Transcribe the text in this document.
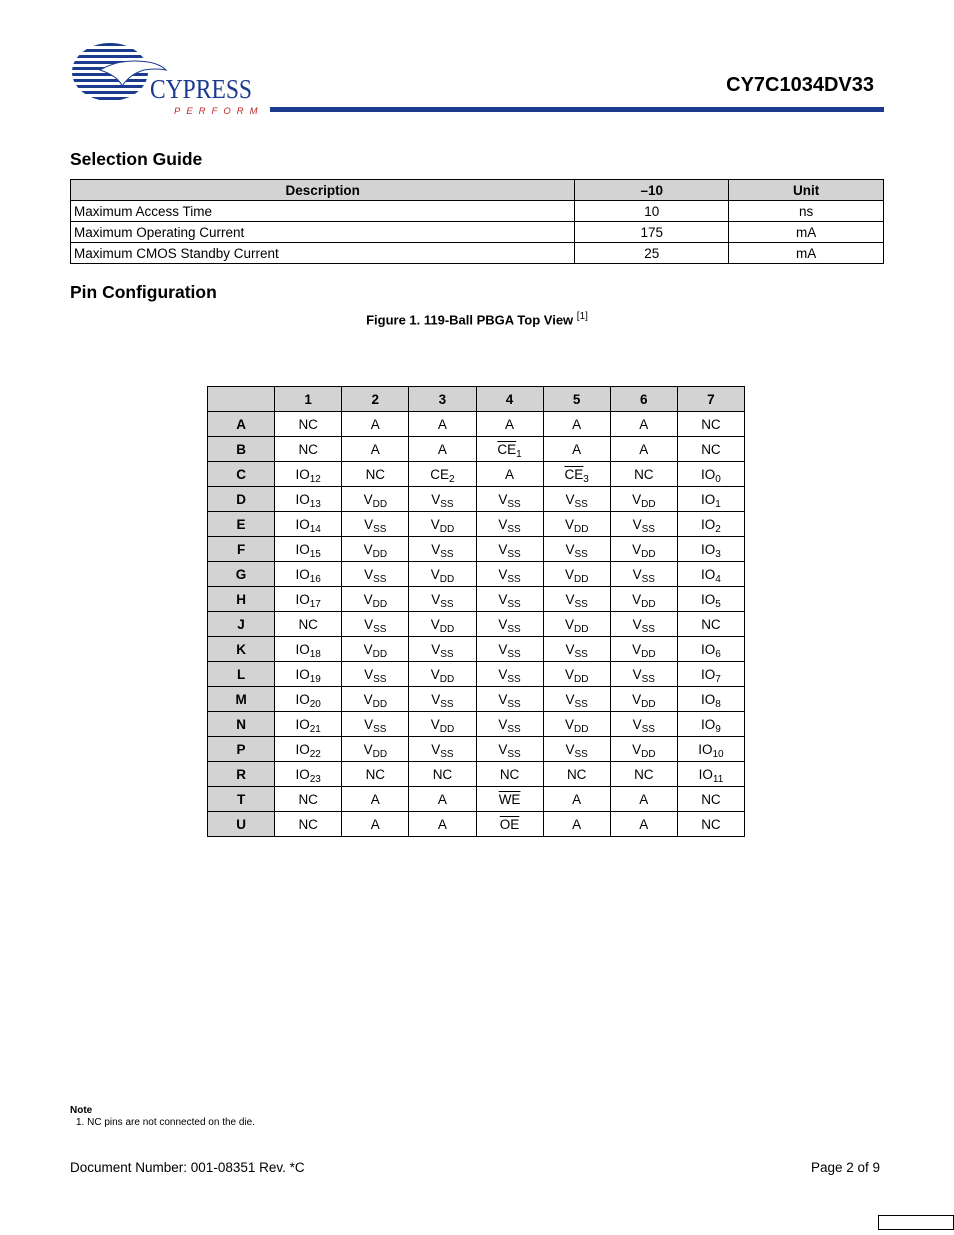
CYPRESS
PERFORM
CY7C1034DV33
Selection Guide
Description	–10	Unit
Maximum Access Time	10	ns
Maximum Operating Current	175	mA
Maximum CMOS Standby Current	25	mA
Pin Configuration
Figure 1. 119-Ball PBGA Top View [1]
	1	2	3	4	5	6	7
A	NC	A	A	A	A	A	NC
B	NC	A	A	$\overline{CE}_1$	A	A	NC
C	$IO_{12}$	NC	$CE_2$	A	$\overline{CE}_3$	NC	$IO_0$
D	$IO_{13}$	$V_{DD}$	$V_{SS}$	$V_{SS}$	$V_{SS}$	$V_{DD}$	$IO_1$
E	$IO_{14}$	$V_{SS}$	$V_{DD}$	$V_{SS}$	$V_{DD}$	$V_{SS}$	$IO_2$
F	$IO_{15}$	$V_{DD}$	$V_{SS}$	$V_{SS}$	$V_{SS}$	$V_{DD}$	$IO_3$
G	$IO_{16}$	$V_{SS}$	$V_{DD}$	$V_{SS}$	$V_{DD}$	$V_{SS}$	$IO_4$
H	$IO_{17}$	$V_{DD}$	$V_{SS}$	$V_{SS}$	$V_{SS}$	$V_{DD}$	$IO_5$
J	NC	$V_{SS}$	$V_{DD}$	$V_{SS}$	$V_{DD}$	$V_{SS}$	NC
K	$IO_{18}$	$V_{DD}$	$V_{SS}$	$V_{SS}$	$V_{SS}$	$V_{DD}$	$IO_6$
L	$IO_{19}$	$V_{SS}$	$V_{DD}$	$V_{SS}$	$V_{DD}$	$V_{SS}$	$IO_7$
M	$IO_{20}$	$V_{DD}$	$V_{SS}$	$V_{SS}$	$V_{SS}$	$V_{DD}$	$IO_8$
N	$IO_{21}$	$V_{SS}$	$V_{DD}$	$V_{SS}$	$V_{DD}$	$V_{SS}$	$IO_9$
P	$IO_{22}$	$V_{DD}$	$V_{SS}$	$V_{SS}$	$V_{SS}$	$V_{DD}$	$IO_{10}$
R	$IO_{23}$	NC	NC	NC	NC	NC	$IO_{11}$
T	NC	A	A	$\overline{WE}$	A	A	NC
U	NC	A	A	$\overline{OE}$	A	A	NC
Note
1. NC pins are not connected on the die.
Document Number: 001-08351 Rev. *C	Page 2 of 9
